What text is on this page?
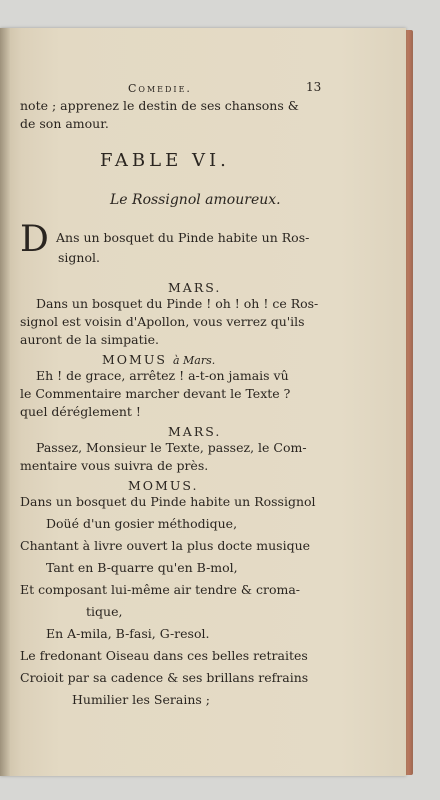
Comedie.	13
note ; apprenez le destin de ses chansons &
de son amour.
FABLE VI.
Le Rossignol amoureux.
D Ans un bosquet du Pinde habite un Ros-
signol.
MARS.
Dans un bosquet du Pinde ! oh ! oh ! ce Ros-
signol est voisin d'Apollon, vous verrez qu'ils
auront de la simpatie.
MOMUS à Mars.
Eh ! de grace, arrêtez ! a-t-on jamais vû
le Commentaire marcher devant le Texte ?
quel déréglement !
MARS.
Passez, Monsieur le Texte, passez, le Com-
mentaire vous suivra de près.
MOMUS.
Dans un bosquet du Pinde habite un Rossignol
Doüé d'un gosier méthodique,
Chantant à livre ouvert la plus docte musique
Tant en B-quarre qu'en B-mol,
Et composant lui-même air tendre & croma-
tique,
En A-mila, B-fasi, G-resol.
Le fredonant Oiseau dans ces belles retraites
Croioit par sa cadence & ses brillans refrains
Humilier les Serains ;
